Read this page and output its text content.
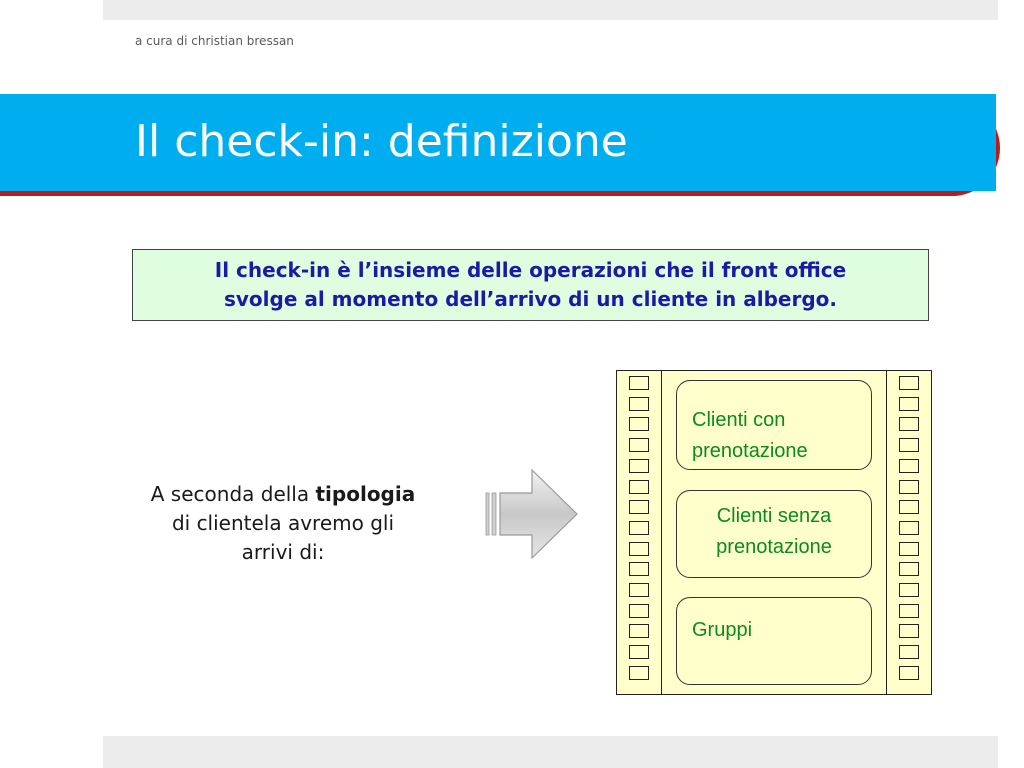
a cura di christian bressan
Il check-in: definizione
Il check-in è l’insieme delle operazioni che il front office
svolge al momento dell’arrivo di un cliente in albergo.
A seconda della tipologia
di clientela avremo gli
arrivi di:
Clienti con
prenotazione
Clienti senza
prenotazione
Gruppi
